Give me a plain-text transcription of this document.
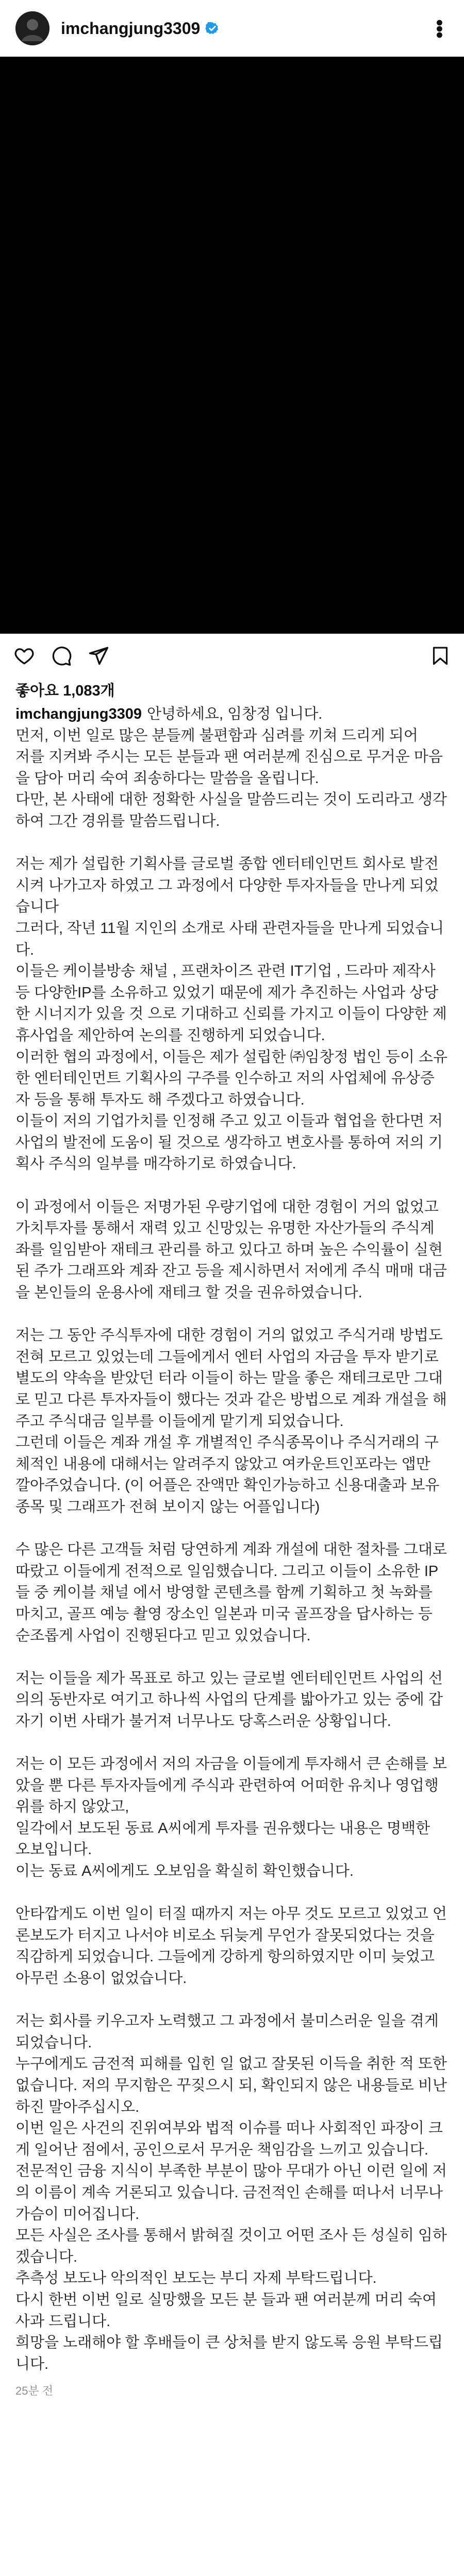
imchangjung3309	•••
좋아요 1,083개

imchangjung3309 안녕하세요, 임창정 입니다.

먼저, 이번 일로 많은 분들께 불편함과 심려를 끼쳐 드리게 되어

저를 지켜봐 주시는 모든 분들과 팬 여러분께 진심으로 무거운 마음을 담아 머리 숙여 죄송하다는 말씀을 올립니다.

다만, 본 사태에 대한 정확한 사실을 말씀드리는 것이 도리라고 생각하여 그간 경위를 말씀드립니다.

저는 제가 설립한 기획사를 글로벌 종합 엔터테인먼트 회사로 발전시켜 나가고자 하였고 그 과정에서 다양한 투자자들을 만나게 되었습니다

그러다, 작년 11월 지인의 소개로 사태 관련자들을 만나게 되었습니다.

이들은 케이블방송 채널 , 프랜차이즈 관련 IT기업 , 드라마 제작사 등 다양한IP를 소유하고 있었기 때문에 제가 추진하는 사업과 상당한 시너지가 있을 것 으로 기대하고 신뢰를 가지고 이들이 다양한 제휴사업을 제안하여 논의를 진행하게 되었습니다.

이러한 협의 과정에서, 이들은 제가 설립한 ㈜임창정 법인 등이 소유한 엔터테인먼트 기획사의 구주를 인수하고 저의 사업체에 유상증자 등을 통해 투자도 해 주겠다고 하였습니다.

이들이 저의 기업가치를 인정해 주고 있고 이들과 협업을 한다면 저 사업의 발전에 도움이 될 것으로 생각하고 변호사를 통하여 저의 기획사 주식의 일부를 매각하기로 하였습니다.

이 과정에서 이들은 저명가된 우량기업에 대한 경험이 거의 없었고 가치투자를 통해서 재력 있고 신망있는 유명한 자산가들의 주식계좌를 일임받아 재테크 관리를 하고 있다고 하며 높은 수익률이 실현된 주가 그래프와 계좌 잔고 등을 제시하면서 저에게 주식 매매 대금을 본인들의 운용사에 재테크 할 것을 권유하였습니다.

저는 그 동안 주식투자에 대한 경험이 거의 없었고 주식거래 방법도 전혀 모르고 있었는데 그들에게서 엔터 사업의 자금을 투자 받기로 별도의 약속을 받았던 터라 이들이 하는 말을 좋은 재테크로만 그대로 믿고 다른 투자자들이 했다는 것과 같은 방법으로 계좌 개설을 해주고 주식대금 일부를 이들에게 맡기게 되었습니다.

그런데 이들은 계좌 개설 후 개별적인 주식종목이나 주식거래의 구체적인 내용에 대해서는 알려주지 않았고 여카운트인포라는 앱만 깔아주었습니다. (이 어플은 잔액만 확인가능하고 신용대출과 보유 종목 및 그래프가 전혀 보이지 않는 어플입니다)

수 많은 다른 고객들 처럼 당연하게 계좌 개설에 대한 절차를 그대로 따랐고 이들에게 전적으로 일임했습니다. 그리고 이들이 소유한 IP들 중 케이블 채널 에서 방영할 콘텐츠를 함께 기획하고 첫 녹화를 마치고, 골프 예능 촬영 장소인 일본과 미국 골프장을 답사하는 등 순조롭게 사업이 진행된다고 믿고 있었습니다.

저는 이들을 제가 목표로 하고 있는 글로벌 엔터테인먼트 사업의 선의의 동반자로 여기고 하나씩 사업의 단계를 밟아가고 있는 중에 갑자기 이번 사태가 불거져 너무나도 당혹스러운 상황입니다.

저는 이 모든 과정에서 저의 자금을 이들에게 투자해서 큰 손해를 보았을 뿐 다른 투자자들에게 주식과 관련하여 어떠한 유치나 영업행위를 하지 않았고,

일각에서 보도된 동료 A씨에게 투자를 권유했다는 내용은 명백한 오보입니다.

이는 동료 A씨에게도 오보임을 확실히 확인했습니다.

안타깝게도 이번 일이 터질 때까지 저는 아무 것도 모르고 있었고 언론보도가 터지고 나서야 비로소 뒤늦게 무언가 잘못되었다는 것을 직감하게 되었습니다. 그들에게 강하게 항의하였지만 이미 늦었고 아무런 소용이 없었습니다.

저는 회사를 키우고자 노력했고 그 과정에서 불미스러운 일을 겪게 되었습니다.

누구에게도 금전적 피해를 입힌 일 없고 잘못된 이득을 취한 적 또한 없습니다. 저의 무지함은 꾸짖으시 되, 확인되지 않은 내용들로 비난하진 말아주십시오.

이번 일은 사건의 진위여부와 법적 이슈를 떠나 사회적인 파장이 크게 일어난 점에서, 공인으로서 무거운 책임감을 느끼고 있습니다.

전문적인 금융 지식이 부족한 부분이 많아 무대가 아닌 이런 일에 저의 이름이 계속 거론되고 있습니다. 금전적인 손해를 떠나서 너무나 가슴이 미어집니다.

모든 사실은 조사를 통해서 밝혀질 것이고 어떤 조사 든 성실히 임하겠습니다.

추측성 보도나 악의적인 보도는 부디 자제 부탁드립니다.

다시 한번 이번 일로 실망했을 모든 분 들과 팬 여러분께 머리 숙여 사과 드립니다.

희망을 노래해야 할 후배들이 큰 상처를 받지 않도록 응원 부탁드립니다.

25분 전
